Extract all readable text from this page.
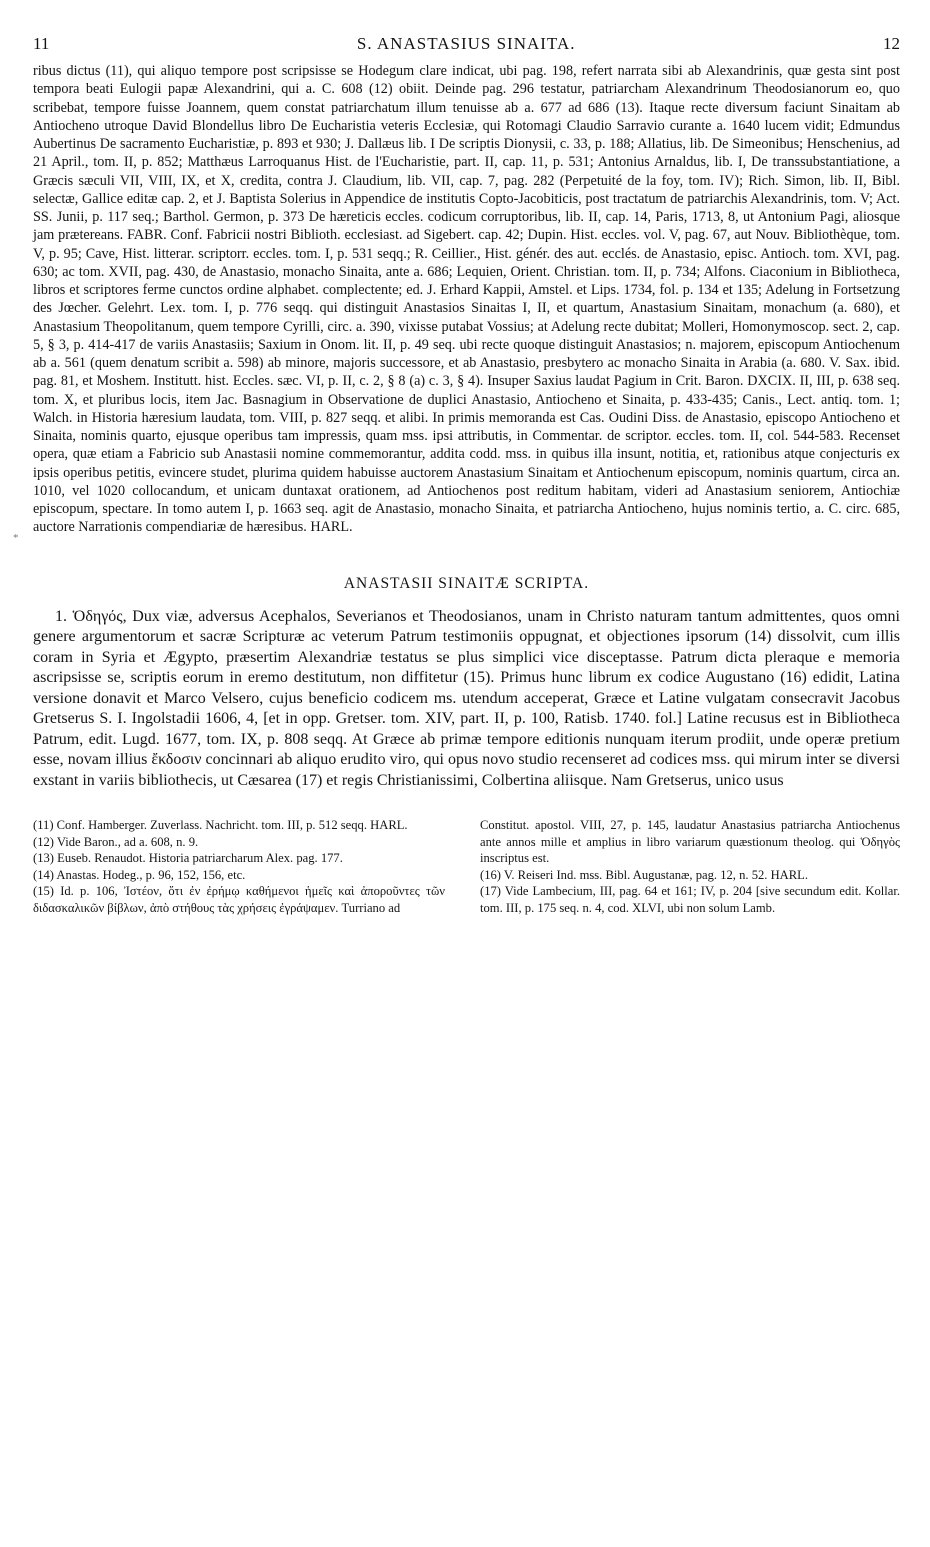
*
11	S. ANASTASIUS SINAITA.	12
ribus dictus (11), qui aliquo tempore post scripsisse se Hodegum clare indicat, ubi pag. 198, refert narrata sibi ab Alexandrinis, quæ gesta sint post tempora beati Eulogii papæ Alexandrini, qui a. C. 608 (12) obiit. Deinde pag. 296 testatur, patriarcham Alexandrinum Theodosianorum eo, quo scribebat, tempore fuisse Joannem, quem constat patriarchatum illum tenuisse ab a. 677 ad 686 (13). Itaque recte diversum faciunt Sinaitam ab Antiocheno utroque David Blondellus libro De Eucharistia veteris Ecclesiæ, qui Rotomagi Claudio Sarravio curante a. 1640 lucem vidit; Edmundus Aubertinus De sacramento Eucharistiæ, p. 893 et 930; J. Dallæus lib. I De scriptis Dionysii, c. 33, p. 188; Allatius, lib. De Simeonibus; Henschenius, ad 21 April., tom. II, p. 852; Matthæus Larroquanus Hist. de l'Eucharistie, part. II, cap. 11, p. 531; Antonius Arnaldus, lib. I, De transsubstantiatione, a Græcis sæculi VII, VIII, IX, et X, credita, contra J. Claudium, lib. VII, cap. 7, pag. 282 (Perpetuité de la foy, tom. IV); Rich. Simon, lib. II, Bibl. selectæ, Gallice editæ cap. 2, et J. Baptista Solerius in Appendice de institutis Copto-Jacobiticis, post tractatum de patriarchis Alexandrinis, tom. V; Act. SS. Junii, p. 117 seq.; Barthol. Germon, p. 373 De hæreticis eccles. codicum corruptoribus, lib. II, cap. 14, Paris, 1713, 8, ut Antonium Pagi, aliosque jam prætereans. FABR. Conf. Fabricii nostri Biblioth. ecclesiast. ad Sigebert. cap. 42; Dupin. Hist. eccles. vol. V, pag. 67, aut Nouv. Bibliothèque, tom. V, p. 95; Cave, Hist. litterar. scriptorr. eccles. tom. I, p. 531 seqq.; R. Ceillier., Hist. génér. des aut. ecclés. de Anastasio, episc. Antioch. tom. XVI, pag. 630; ac tom. XVII, pag. 430, de Anastasio, monacho Sinaita, ante a. 686; Lequien, Orient. Christian. tom. II, p. 734; Alfons. Ciaconium in Bibliotheca, libros et scriptores ferme cunctos ordine alphabet. complectente; ed. J. Erhard Kappii, Amstel. et Lips. 1734, fol. p. 134 et 135; Adelung in Fortsetzung des Jœcher. Gelehrt. Lex. tom. I, p. 776 seqq. qui distinguit Anastasios Sinaitas I, II, et quartum, Anastasium Sinaitam, monachum (a. 680), et Anastasium Theopolitanum, quem tempore Cyrilli, circ. a. 390, vixisse putabat Vossius; at Adelung recte dubitat; Molleri, Homonymoscop. sect. 2, cap. 5, § 3, p. 414-417 de variis Anastasiis; Saxium in Onom. lit. II, p. 49 seq. ubi recte quoque distinguit Anastasios; n. majorem, episcopum Antiochenum ab a. 561 (quem denatum scribit a. 598) ab minore, majoris successore, et ab Anastasio, presbytero ac monacho Sinaita in Arabia (a. 680. V. Sax. ibid. pag. 81, et Moshem. Institutt. hist. Eccles. sæc. VI, p. II, c. 2, § 8 (a) c. 3, § 4). Insuper Saxius laudat Pagium in Crit. Baron. DXCIX. II, III, p. 638 seq. tom. X, et pluribus locis, item Jac. Basnagium in Observatione de duplici Anastasio, Antiocheno et Sinaita, p. 433-435; Canis., Lect. antiq. tom. 1; Walch. in Historia hæresium laudata, tom. VIII, p. 827 seqq. et alibi. In primis memoranda est Cas. Oudini Diss. de Anastasio, episcopo Antiocheno et Sinaita, nominis quarto, ejusque operibus tam impressis, quam mss. ipsi attributis, in Commentar. de scriptor. eccles. tom. II, col. 544-583. Recenset opera, quæ etiam a Fabricio sub Anastasii nomine commemorantur, addita codd. mss. in quibus illa insunt, notitia, et, rationibus atque conjecturis ex ipsis operibus petitis, evincere studet, plurima quidem habuisse auctorem Anastasium Sinaitam et Antiochenum episcopum, nominis quartum, circa an. 1010, vel 1020 collocandum, et unicam duntaxat orationem, ad Antiochenos post reditum habitam, videri ad Anastasium seniorem, Antiochiæ episcopum, spectare. In tomo autem I, p. 1663 seq. agit de Anastasio, monacho Sinaita, et patriarcha Antiocheno, hujus nominis tertio, a. C. circ. 685, auctore Narrationis compendiariæ de hæresibus. HARL.
ANASTASII SINAITÆ SCRIPTA.
1. Ὁδηγός, Dux viæ, adversus Acephalos, Severianos et Theodosianos, unam in Christo naturam tantum admittentes, quos omni genere argumentorum et sacræ Scripturæ ac veterum Patrum testimoniis oppugnat, et objectiones ipsorum (14) dissolvit, cum illis coram in Syria et Ægypto, præsertim Alexandriæ testatus se plus simplici vice disceptasse. Patrum dicta pleraque e memoria ascripsisse se, scriptis eorum in eremo destitutum, non diffitetur (15). Primus hunc librum ex codice Augustano (16) edidit, Latina versione donavit et Marco Velsero, cujus beneficio codicem ms. utendum acceperat, Græce et Latine vulgatam consecravit Jacobus Gretserus S. I. Ingolstadii 1606, 4, [et in opp. Gretser. tom. XIV, part. II, p. 100, Ratisb. 1740. fol.] Latine recusus est in Bibliotheca Patrum, edit. Lugd. 1677, tom. IX, p. 808 seqq. At Græce ab primæ tempore editionis nunquam iterum prodiit, unde operæ pretium esse, novam illius ἔκδοσιν concinnari ab aliquo erudito viro, qui opus novo studio recenseret ad codices mss. qui mirum inter se diversi exstant in variis bibliothecis, ut Cæsarea (17) et regis Christianissimi, Colbertina aliisque. Nam Gretserus, unico usus

(11) Conf. Hamberger. Zuverlass. Nachricht. tom. III, p. 512 seqq. HARL.

(12) Vide Baron., ad a. 608, n. 9.

(13) Euseb. Renaudot. Historia patriarcharum Alex. pag. 177.

(14) Anastas. Hodeg., p. 96, 152, 156, etc.

(15) Id. p. 106, Ἰστέον, ὅτι ἐν ἐρήμῳ καθήμενοι ἡμεῖς καὶ ἀπορoῦντες τῶν διδασκαλικῶν βίβλων, ἀπὸ στήθους τὰς χρήσεις ἐγράψαμεν. Turriano ad

Constitut. apostol. VIII, 27, p. 145, laudatur Anastasius patriarcha Antiochenus ante annos mille et amplius in libro variarum quæstionum theolog. qui Ὁδηγὸς inscriptus est.

(16) V. Reiseri Ind. mss. Bibl. Augustanæ, pag. 12, n. 52. HARL.

(17) Vide Lambecium, III, pag. 64 et 161; IV, p. 204 [sive secundum edit. Kollar. tom. III, p. 175 seq. n. 4, cod. XLVI, ubi non solum Lamb.
